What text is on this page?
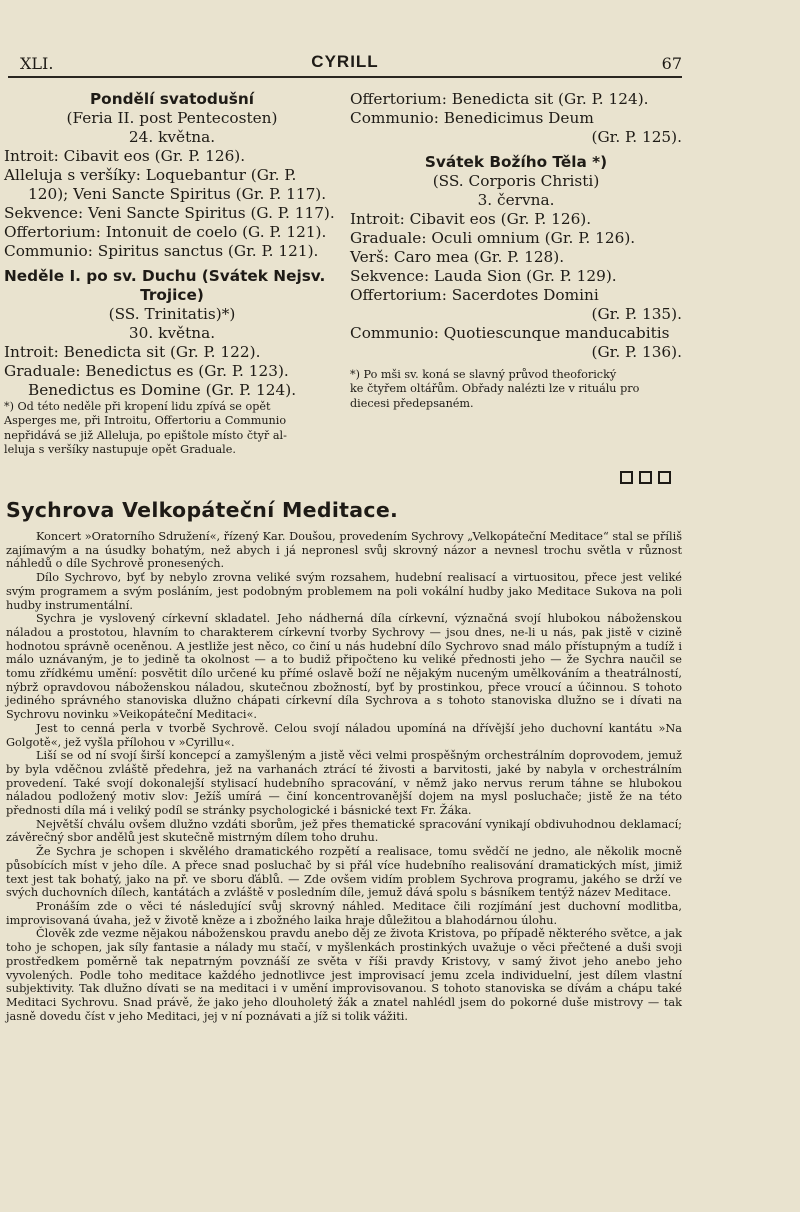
XLI.	CYRILL	67
Pondělí svatodušní
(Feria II. post Pentecosten)
24. května.
Introit: Cibavit eos (Gr. P. 126).
Alleluja s veršíky: Loquebantur (Gr. P.
120); Veni Sancte Spiritus (Gr. P. 117).
Sekvence: Veni Sancte Spiritus (G. P. 117).
Offertorium: Intonuit de coelo (G. P. 121).
Communio: Spiritus sanctus (Gr. P. 121).
Neděle I. po sv. Duchu (Svátek Nejsv.
Trojice)
(SS. Trinitatis)*)
30. května.
Introit: Benedicta sit (Gr. P. 122).
Graduale: Benedictus es (Gr. P. 123).
Benedictus es Domine (Gr. P. 124).
*) Od této neděle při kropení lidu zpívá se opět
Asperges me, při Introitu, Offertoriu a Communio
nepřidává se již Alleluja, po epištole místo čtyř al-
leluja s veršíky nastupuje opět Graduale.
Offertorium: Benedicta sit (Gr. P. 124).
Communio: Benedicimus Deum
(Gr. P. 125).
Svátek Božího Těla *)
(SS. Corporis Christi)
3. června.
Introit: Cibavit eos (Gr. P. 126).
Graduale: Oculi omnium (Gr. P. 126).
Verš: Caro mea (Gr. P. 128).
Sekvence: Lauda Sion (Gr. P. 129).
Offertorium: Sacerdotes Domini
(Gr. P. 135).
Communio: Quotiescunque manducabitis
(Gr. P. 136).
*) Po mši sv. koná se slavný průvod theoforický
ke čtyřem oltářům. Obřady nalézti lze v rituálu pro
diecesi předepsaném.
Sychrova Velkopáteční Meditace.

Koncert »Oratorního Sdružení«, řízený Kar. Doušou, provedením Sychrovy „Velkopáteční Meditace“ stal se příliš zajímavým a na úsudky bohatým, než abych i já nepronesl svůj skrovný názor a nevnesl trochu světla v různost náhledů o díle Sychrově pronesených.

Dílo Sychrovo, byť by nebylo zrovna veliké svým rozsahem, hudební realisací a virtuositou, přece jest veliké svým programem a svým posláním, jest podobným problemem na poli vokální hudby jako Meditace Sukova na poli hudby instrumentální.

Sychra je vyslovený církevní skladatel. Jeho nádherná díla církevní, význačná svojí hlubokou náboženskou náladou a prostotou, hlavním to charakterem církevní tvorby Sychrovy — jsou dnes, ne-li u nás, pak jistě v cizině hodnotou správně oceněnou. A jestliže jest něco, co činí u nás hudební dílo Sychrovo snad málo přístupným a tudíž i málo uznávaným, je to jedině ta okolnost — a to budiž připočteno ku veliké přednosti jeho — že Sychra naučil se tomu zřídkému umění: posvětit dílo určené ku přímé oslavě boží ne nějakým nuceným umělkováním a theatrálností, nýbrž opravdovou náboženskou náladou, skutečnou zbožností, byť by prostinkou, přece vroucí a účinnou. S tohoto jediného správného stanoviska dlužno chápati církevní díla Sychrova a s tohoto stanoviska dlužno se i dívati na Sychrovu novinku »Veikopáteční Meditaci«.

Jest to cenná perla v tvorbě Sychrově. Celou svojí náladou upomíná na dřívější jeho duchovní kantátu »Na Golgotě«, jež vyšla přílohou v »Cyrillu«.

Liší se od ní svojí širší koncepcí a zamyšleným a jistě věci velmi prospěšným orchestrálním doprovodem, jemuž by byla vděčnou zvláště předehra, jež na varhanách ztrácí té živosti a barvitosti, jaké by nabyla v orchestrálním provedení. Také svojí dokonalejší stylisací hudebního spracování, v němž jako nervus rerum táhne se hlubokou náladou podložený motiv slov: Ježíš umírá — činí koncentrovanější dojem na mysl posluchače; jistě že na této přednosti díla má i veliký podíl se stránky psychologické i básnické text Fr. Žáka.

Největší chválu ovšem dlužno vzdáti sborům, jež přes thematické spracování vynikají obdivuhodnou deklamací; závěrečný sbor andělů jest skutečně mistrným dílem toho druhu.

Že Sychra je schopen i skvělého dramatického rozpětí a realisace, tomu svědčí ne jedno, ale několik mocně působících míst v jeho díle. A přece snad posluchač by si přál více hudebního realisování dramatických míst, jimiž text jest tak bohatý, jako na př. ve sboru ďáblů. — Zde ovšem vidím problem Sychrova programu, jakého se drží ve svých duchovních dílech, kantátách a zvláště v posledním díle, jemuž dává spolu s básníkem tentýž název Meditace.

Pronáším zde o věci té následující svůj skrovný náhled. Meditace čili rozjímání jest duchovní modlitba, improvisovaná úvaha, jež v životě kněze a i zbožného laika hraje důležitou a blahodárnou úlohu.

Člověk zde vezme nějakou náboženskou pravdu anebo děj ze života Kristova, po případě některého světce, a jak toho je schopen, jak síly fantasie a nálady mu stačí, v myšlenkách prostinkých uvažuje o věci přečtené a duši svoji prostředkem poměrně tak nepatrným povznáší ze světa v říši pravdy Kristovy, v samý život jeho anebo jeho vyvolených. Podle toho meditace každého jednotlivce jest improvisací jemu zcela individuelní, jest dílem vlastní subjektivity. Tak dlužno dívati se na meditaci i v umění improvisovanou. S tohoto stanoviska se dívám a chápu také Meditaci Sychrovu. Snad právě, že jako jeho dlouholetý žák a znatel nahlédl jsem do pokorné duše mistrovy — tak jasně dovedu číst v jeho Meditaci, jej v ní poznávati a jíž si tolik vážiti.
